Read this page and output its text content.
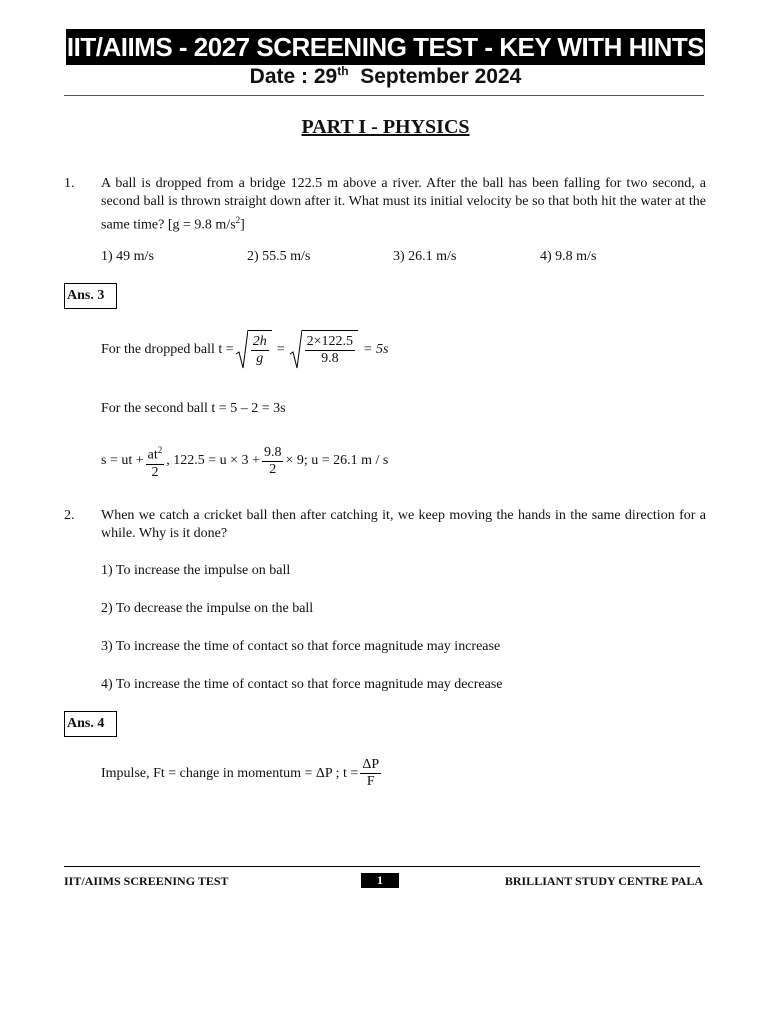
IIT/AIIMS - 2027 SCREENING TEST - KEY WITH HINTS
Date : 29th  September 2024
PART I - PHYSICS
1. A ball is dropped from a bridge 122.5 m above a river. After the ball has been falling for two second, a second ball is thrown straight down after it. What must its initial velocity be so that both hit the water at the same time? [g = 9.8 $m/s^2$]
1) 49 m/s	2) 55.5 m/s	3) 26.1 m/s	4) 9.8 m/s
Ans. 3
For the dropped ball $t = \frac{2h}{g} = \frac{2\times 122.5}{9.8} = 5s$
For the second ball t = 5 – 2 = 3s
s = ut + $\frac{at^2}{2}$ , $122.5 = u \times 3 + \frac{9.8}{2} \times 9$; u = 26.1 m / s
2. When we catch a cricket ball then after catching it, we keep moving the hands in the same direction for a while. Why is it done?
1) To increase the impulse on ball
2) To decrease the impulse on the ball
3) To increase the time of contact so that force magnitude may increase
4) To increase the time of contact so that force magnitude may decrease
Ans. 4
Impulse, Ft = change in momentum = ΔP ; $t = \frac{\Delta P}{F}$
IIT/AIIMS SCREENING TEST	1	BRILLIANT STUDY CENTRE PALA
